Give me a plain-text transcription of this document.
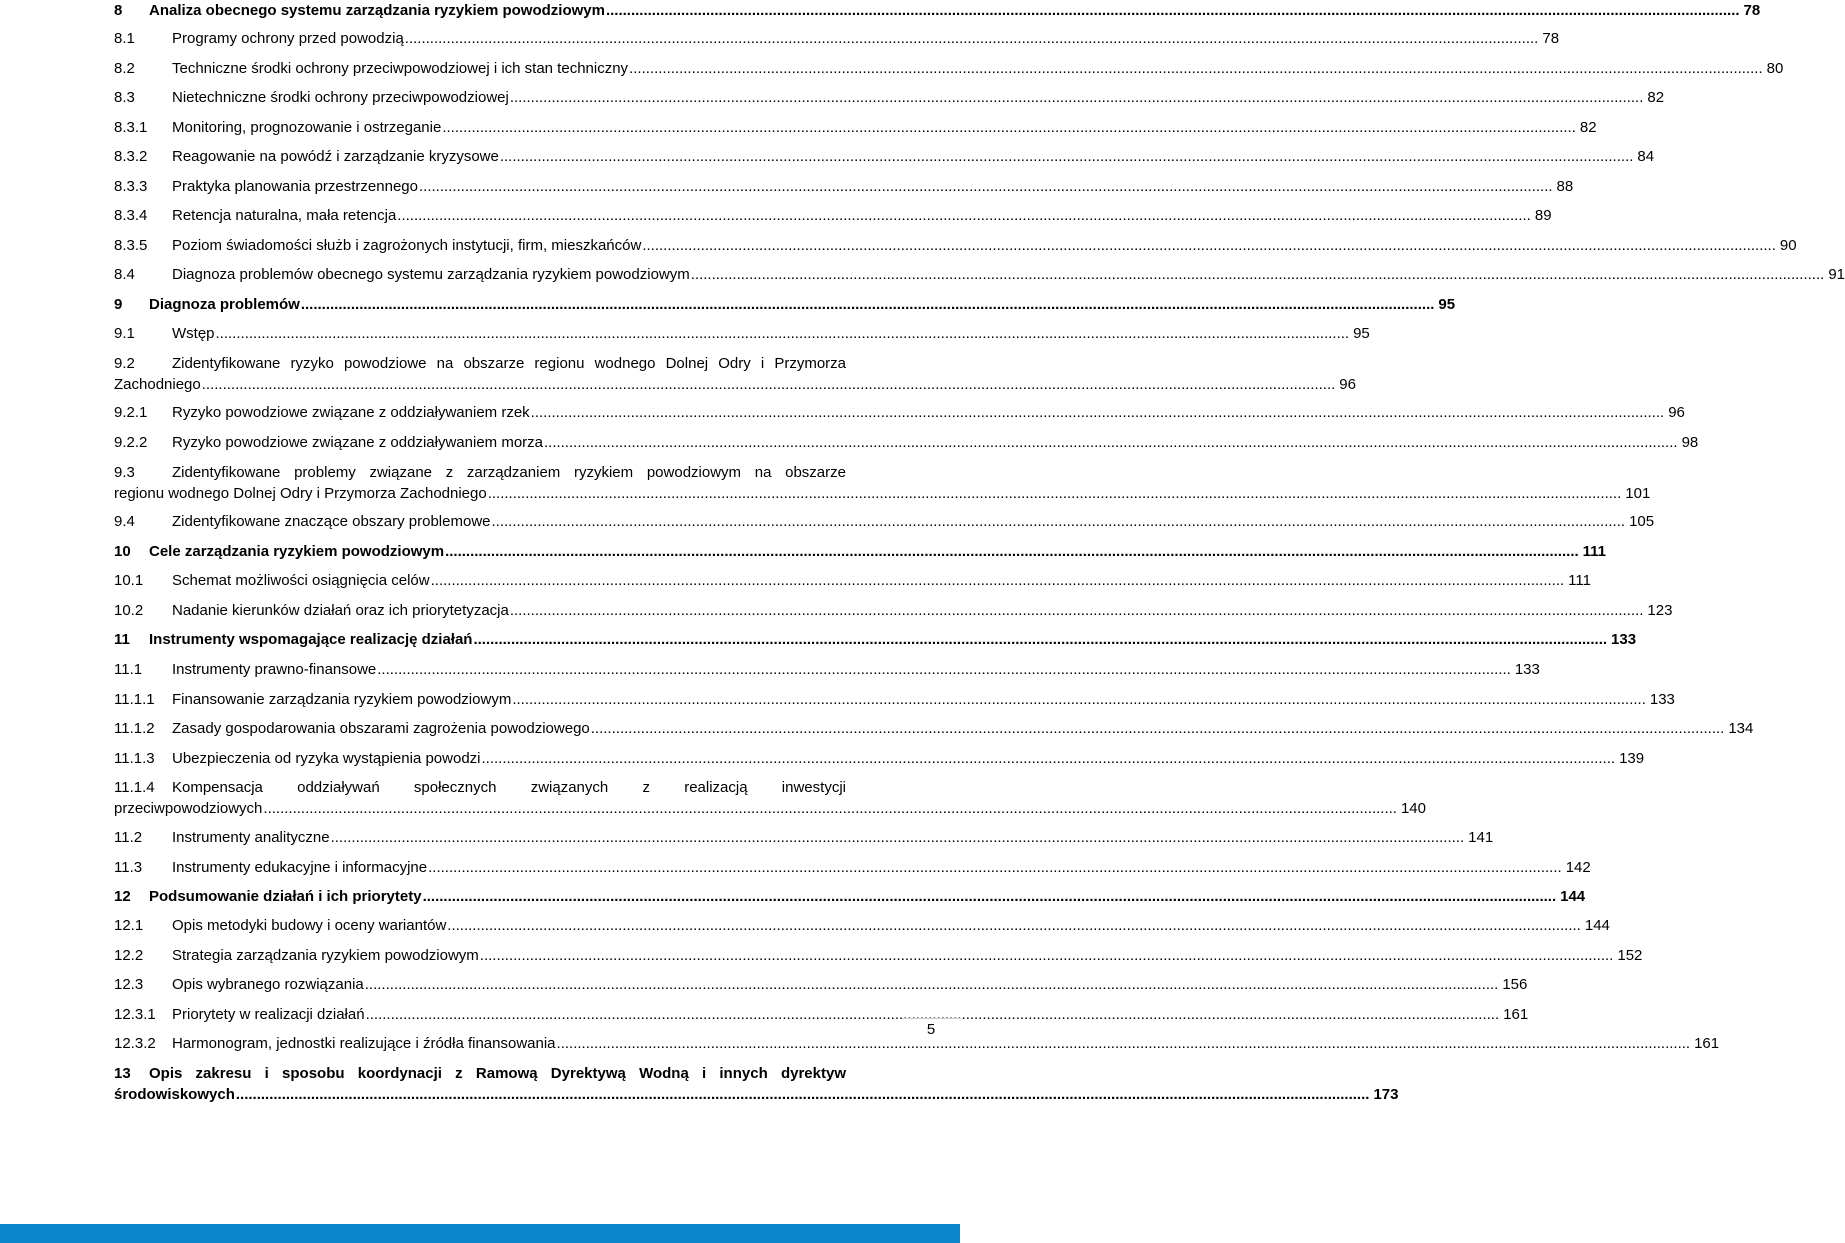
8	Analiza obecnego systemu zarządzania ryzykiem powodziowym .....	78
8.1	Programy ochrony przed powodzią .....	78
8.2	Techniczne środki ochrony przeciwpowodziowej i ich stan techniczny .....	80
8.3	Nietechniczne środki ochrony przeciwpowodziowej .....	82
8.3.1	Monitoring, prognozowanie i ostrzeganie .....	82
8.3.2	Reagowanie na powódź i zarządzanie kryzysowe .....	84
8.3.3	Praktyka planowania przestrzennego .....	88
8.3.4	Retencja naturalna, mała retencja .....	89
8.3.5	Poziom świadomości służb i zagrożonych instytucji, firm, mieszkańców .....	90
8.4	Diagnoza problemów obecnego systemu zarządzania ryzykiem powodziowym .....	91
9	Diagnoza problemów .....	95
9.1	Wstęp .....	95
9.2	Zidentyfikowane ryzyko powodziowe na obszarze regionu wodnego Dolnej Odry i Przymorza
Zachodniego .....	96
9.2.1	Ryzyko powodziowe związane z oddziaływaniem rzek .....	96
9.2.2	Ryzyko powodziowe związane z oddziaływaniem morza .....	98
9.3	Zidentyfikowane problemy związane z zarządzaniem ryzykiem powodziowym na obszarze
regionu wodnego Dolnej Odry i Przymorza Zachodniego .....	101
9.4	Zidentyfikowane znaczące obszary problemowe .....	105
10	Cele zarządzania ryzykiem powodziowym .....	111
10.1	Schemat możliwości osiągnięcia celów .....	111
10.2	Nadanie kierunków działań oraz ich priorytetyzacja .....	123
11	Instrumenty wspomagające realizację działań .....	133
11.1	Instrumenty prawno-finansowe .....	133
11.1.1	Finansowanie zarządzania ryzykiem powodziowym .....	133
11.1.2	Zasady gospodarowania obszarami zagrożenia powodziowego .....	134
11.1.3	Ubezpieczenia od ryzyka wystąpienia powodzi .....	139
11.1.4	Kompensacja oddziaływań społecznych związanych z realizacją inwestycji
przeciwpowodziowych .....	140
11.2	Instrumenty analityczne .....	141
11.3	Instrumenty edukacyjne i informacyjne .....	142
12	Podsumowanie działań i ich priorytety .....	144
12.1	Opis metodyki budowy i oceny wariantów .....	144
12.2	Strategia zarządzania ryzykiem powodziowym .....	152
12.3	Opis wybranego rozwiązania .....	156
12.3.1	Priorytety w realizacji działań .....	161
12.3.2	Harmonogram, jednostki realizujące i źródła finansowania .....	161
13	Opis zakresu i sposobu koordynacji z Ramową Dyrektywą Wodną i innych dyrektyw
środowiskowych .....	173
5
